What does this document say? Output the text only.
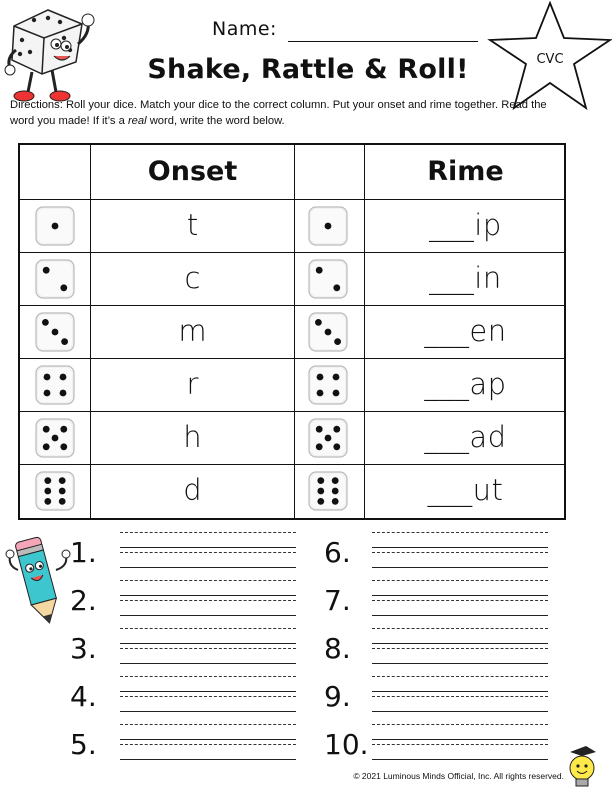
Name:
Shake, Rattle & Roll!	CVC
Directions: Roll your dice. Match your dice to the correct column. Put your onset and rime together. Read the word you made! If it’s a real word, write the word below.
Onset	Rime
t	___ip
c	___in
m	___en
r	___ap
h	___ad
d	___ut
1.
2.
3.
4.
5.
6.
7.
8.
9.
10.
© 2021 Luminous Minds Official, Inc. All rights reserved.
